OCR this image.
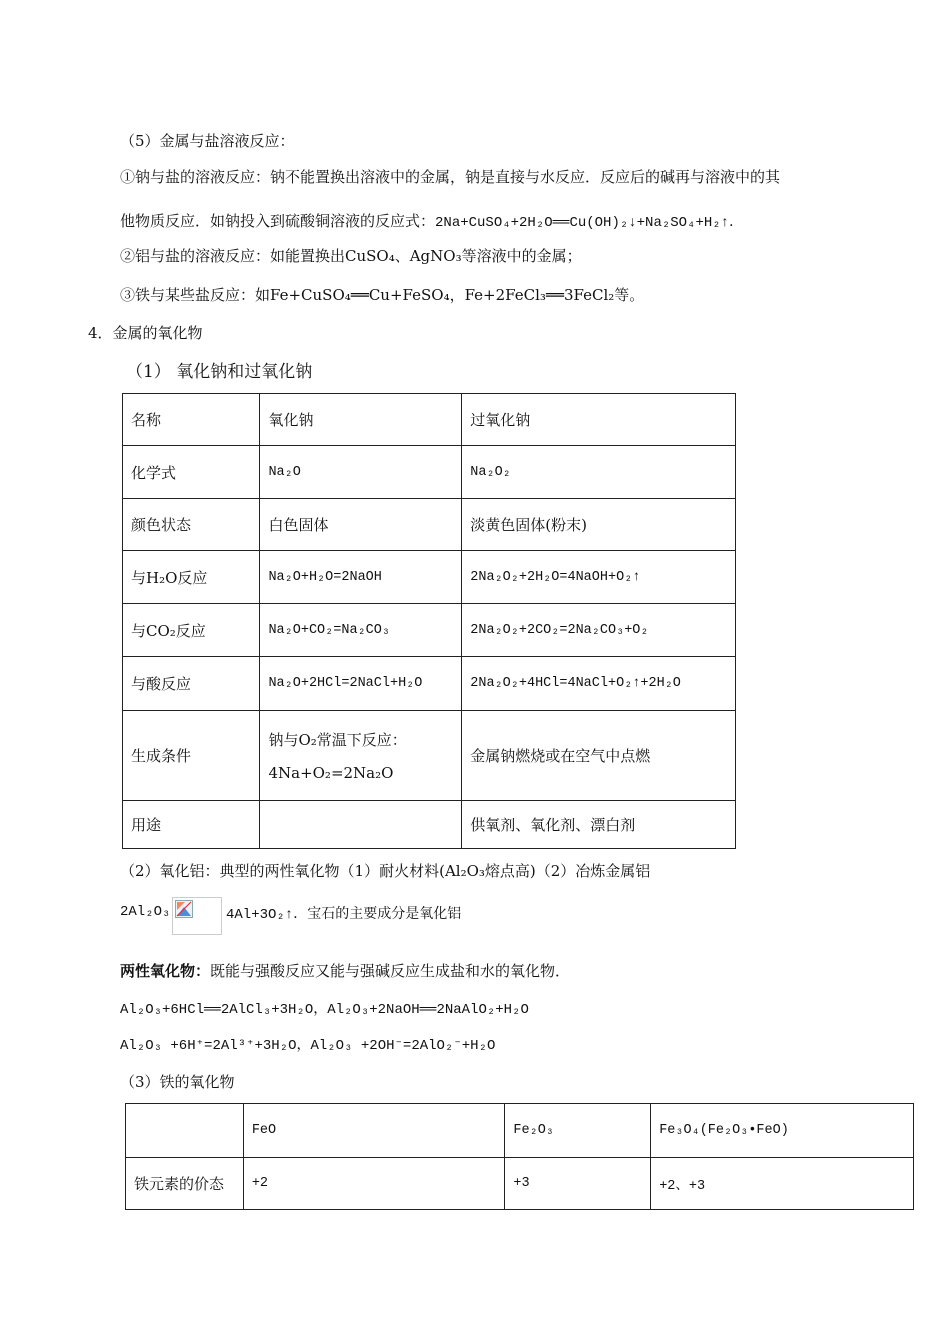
（5）金属与盐溶液反应：
①钠与盐的溶液反应：钠不能置换出溶液中的金属，钠是直接与水反应．反应后的碱再与溶液中的其
他物质反应．如钠投入到硫酸铜溶液的反应式：2Na+CuSO₄+2H₂O══Cu(OH)₂↓+Na₂SO₄+H₂↑．
②铝与盐的溶液反应：如能置换出CuSO₄、AgNO₃等溶液中的金属；
③铁与某些盐反应：如Fe+CuSO₄══Cu+FeSO₄，Fe+2FeCl₃══3FeCl₂等。
4．金属的氧化物
（1） 氧化钠和过氧化钠
名称	氧化钠	过氧化钠
化学式	Na₂O	Na₂O₂
颜色状态	白色固体	淡黄色固体(粉末)
与H₂O反应	Na₂O+H₂O=2NaOH	2Na₂O₂+2H₂O=4NaOH+O₂↑
与CO₂反应	Na₂O+CO₂=Na₂CO₃	2Na₂O₂+2CO₂=2Na₂CO₃+O₂
与酸反应	Na₂O+2HCl=2NaCl+H₂O	2Na₂O₂+4HCl=4NaCl+O₂↑+2H₂O
生成条件	钠与O₂常温下反应：
4Na+O₂=2Na₂O	金属钠燃烧或在空气中点燃
用途		供氧剂、氧化剂、漂白剂
（2）氧化铝：典型的两性氧化物（1）耐火材料(Al₂O₃熔点高)（2）冶炼金属铝
2Al₂O₃	4Al+3O₂↑．宝石的主要成分是氧化铝
两性氧化物：既能与强酸反应又能与强碱反应生成盐和水的氧化物．
Al₂O₃+6HCl══2AlCl₃+3H₂O，Al₂O₃+2NaOH══2NaAlO₂+H₂O
Al₂O₃ +6H⁺=2Al³⁺+3H₂O，Al₂O₃ +2OH⁻=2AlO₂⁻+H₂O
（3）铁的氧化物
	FeO	Fe₂O₃	Fe₃O₄(Fe₂O₃•FeO)
铁元素的价态	+2	+3	+2、+3
